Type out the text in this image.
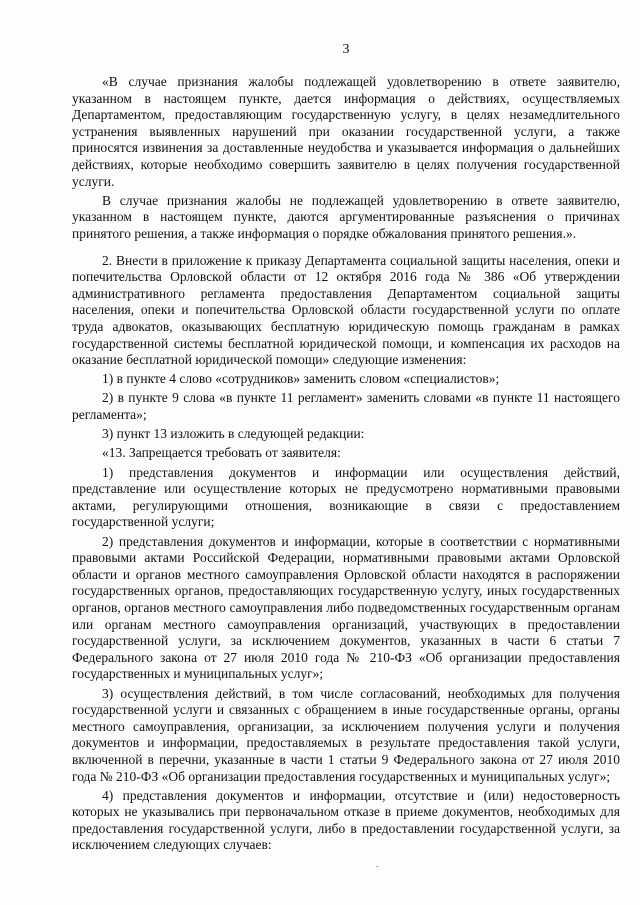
3

«В случае признания жалобы подлежащей удовлетворению в ответе заявителю, указанном в настоящем пункте, дается информация о действиях, осуществляемых Департаментом, предоставляющим государственную услугу, в целях незамедлительного устранения выявленных нарушений при оказании государственной услуги, а также приносятся извинения за доставленные неудобства и указывается информация о дальнейших действиях, которые необходимо совершить заявителю в целях получения государственной услуги.

В случае признания жалобы не подлежащей удовлетворению в ответе заявителю, указанном в настоящем пункте, даются аргументированные разъяснения о причинах принятого решения, а также информация о порядке обжалования принятого решения.».

2. Внести в приложение к приказу Департамента социальной защиты населения, опеки и попечительства Орловской области от 12 октября 2016 года № 386 «Об утверждении административного регламента предоставления Департаментом социальной защиты населения, опеки и попечительства Орловской области государственной услуги по оплате труда адвокатов, оказывающих бесплатную юридическую помощь гражданам в рамках государственной системы бесплатной юридической помощи, и компенсация их расходов на оказание бесплатной юридической помощи» следующие изменения:

1) в пункте 4 слово «сотрудников» заменить словом «специалистов»;

2) в пункте 9 слова «в пункте 11 регламент» заменить словами «в пункте 11 настоящего регламента»;

3) пункт 13 изложить в следующей редакции:

«13. Запрещается требовать от заявителя:

1) представления документов и информации или осуществления действий, представление или осуществление которых не предусмотрено нормативными правовыми актами, регулирующими отношения, возникающие в связи с предоставлением государственной услуги;

2) представления документов и информации, которые в соответствии с нормативными правовыми актами Российской Федерации, нормативными правовыми актами Орловской области и органов местного самоуправления Орловской области находятся в распоряжении государственных органов, предоставляющих государственную услугу, иных государственных органов, органов местного самоуправления либо подведомственных государственным органам или органам местного самоуправления организаций, участвующих в предоставлении государственной услуги, за исключением документов, указанных в части 6 статьи 7 Федерального закона от 27 июля 2010 года № 210-ФЗ «Об организации предоставления государственных и муниципальных услуг»;

3) осуществления действий, в том числе согласований, необходимых для получения государственной услуги и связанных с обращением в иные государственные органы, органы местного самоуправления, организации, за исключением получения услуги и получения документов и информации, предоставляемых в результате предоставления такой услуги, включенной в перечни, указанные в части 1 статьи 9 Федерального закона от 27 июля 2010 года № 210-ФЗ «Об организации предоставления государственных и муниципальных услуг»;

4) представления документов и информации, отсутствие и (или) недостоверность которых не указывались при первоначальном отказе в приеме документов, необходимых для предоставления государственной услуги, либо в предоставлении государственной услуги, за исключением следующих случаев:
